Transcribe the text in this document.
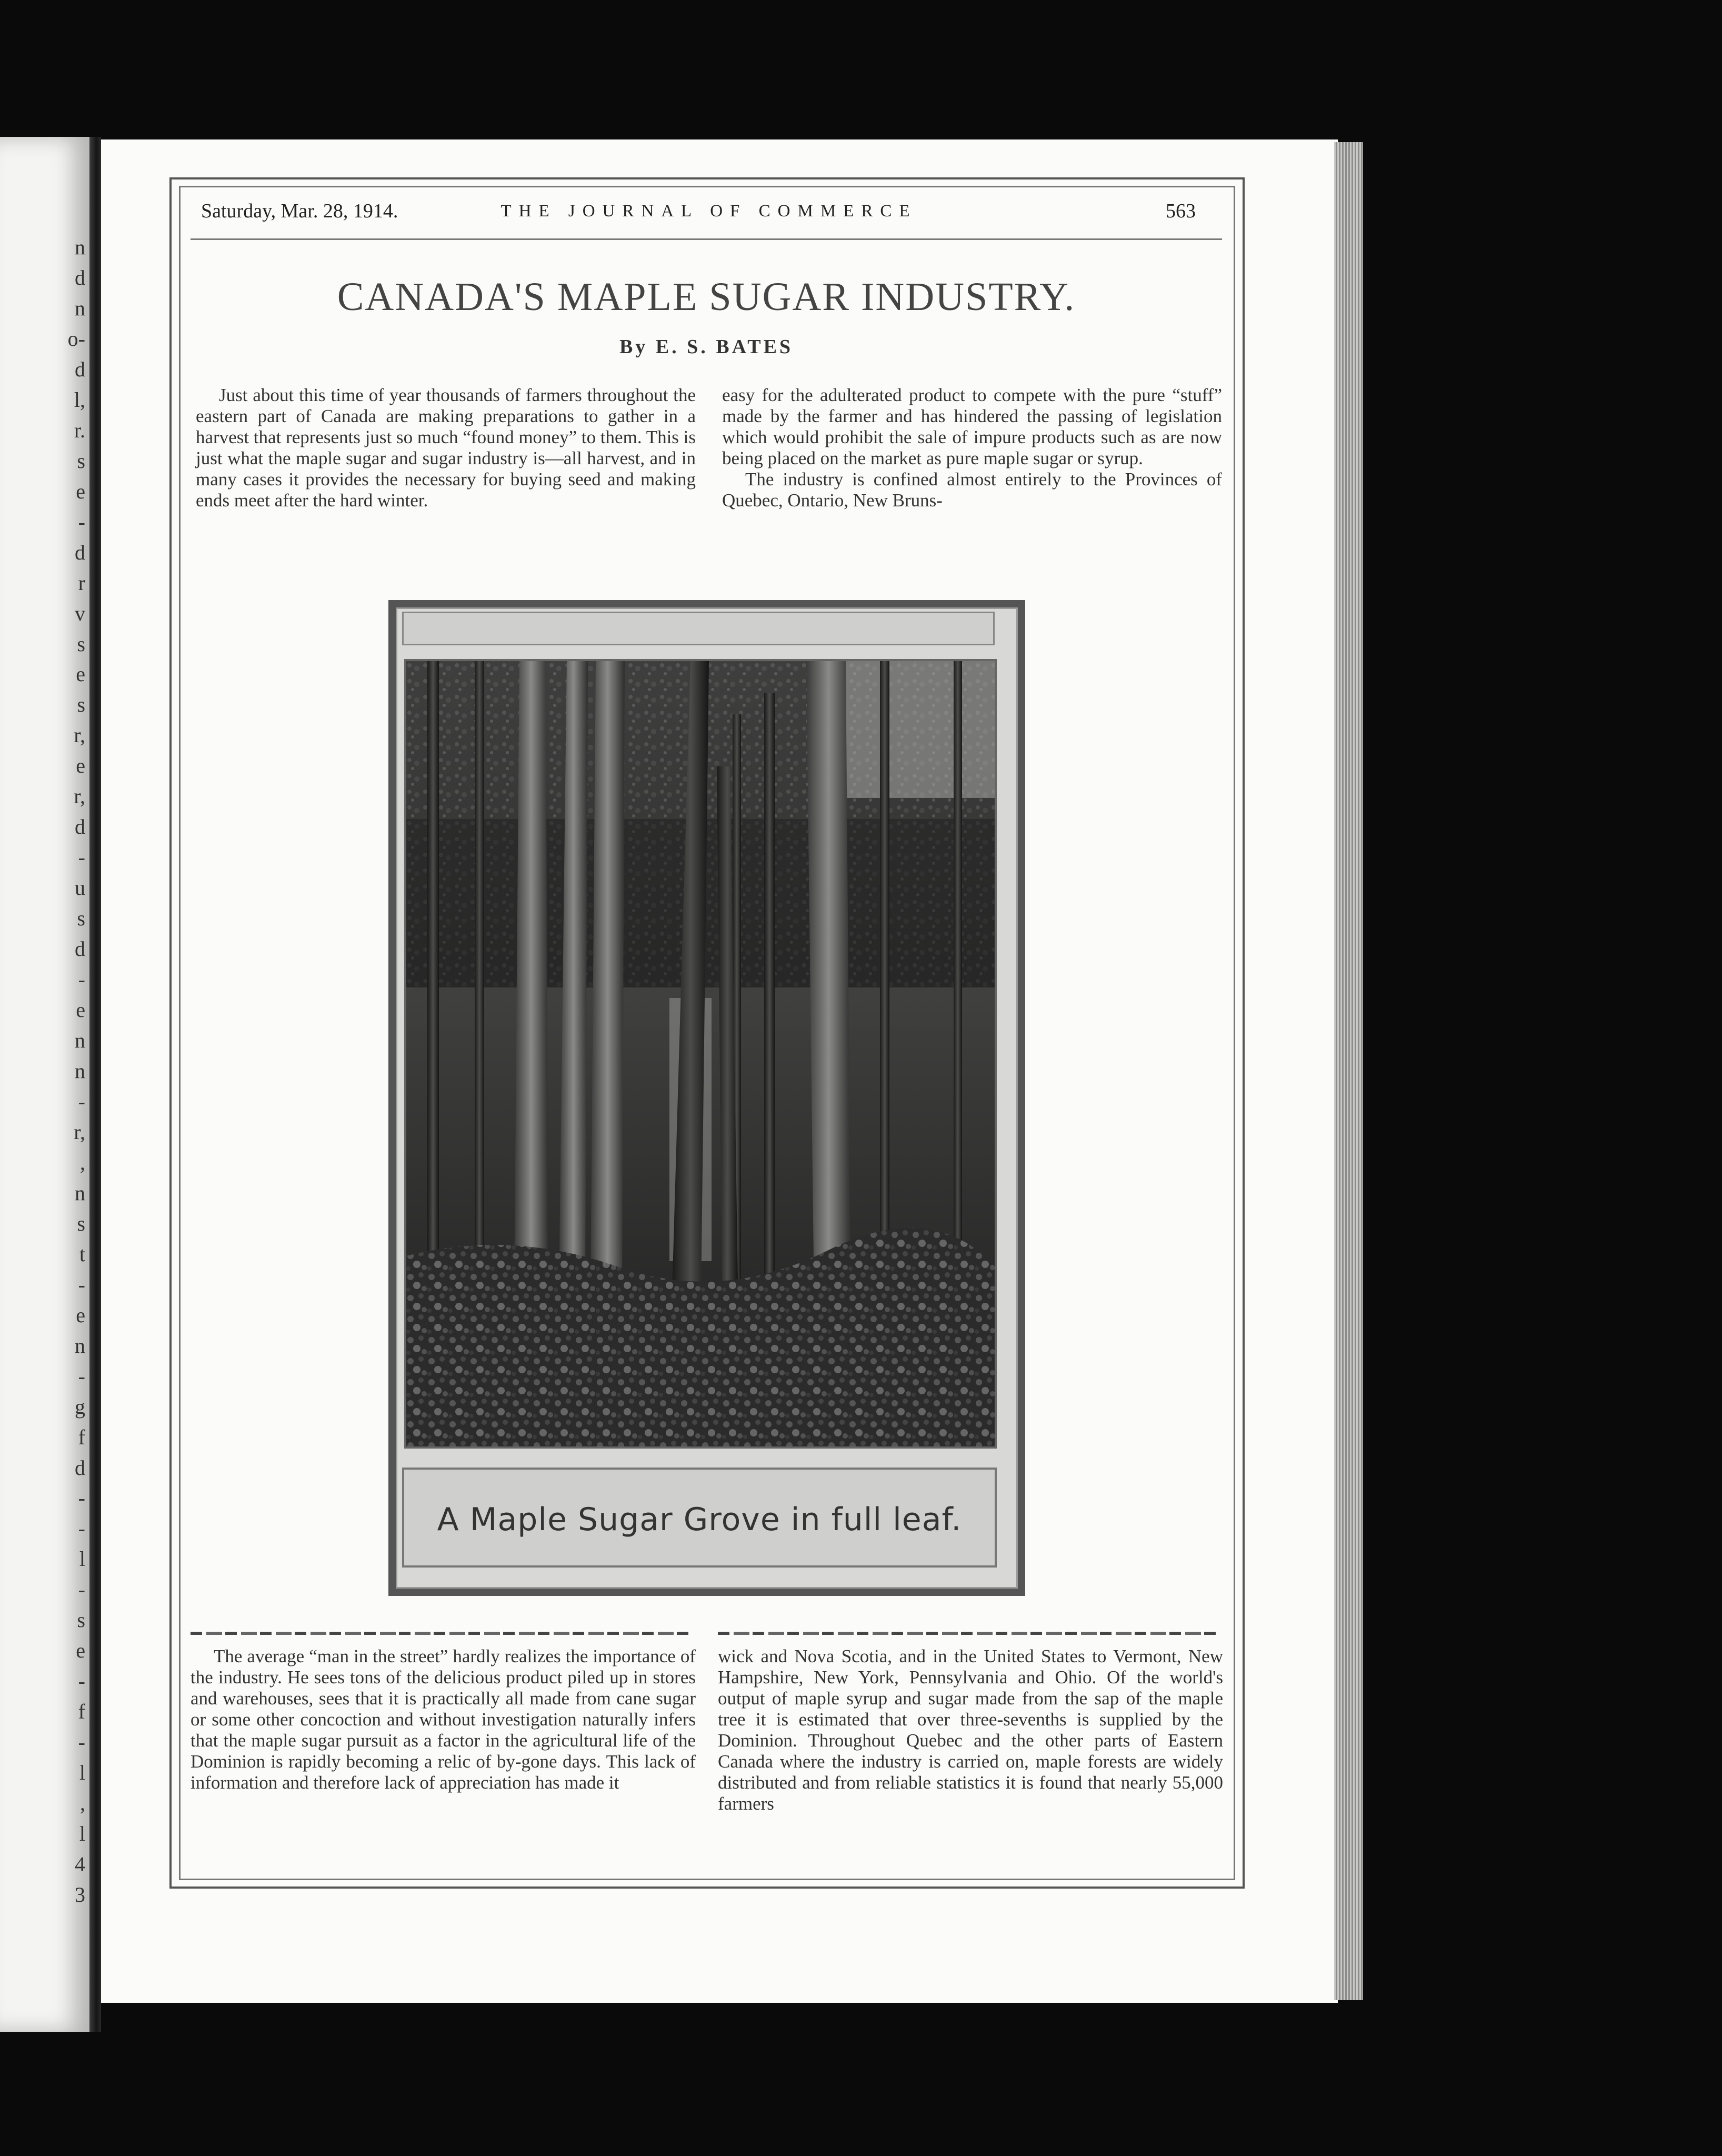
n
d
n
o-
d
l,
r.
s
e
-
d
r
v
s
e
s
r,
e
r,
d
-
u
s
d
-
e
n
n
-
r,
,
n
s
t
-
e
n
-
g
f
d
-
-
l
-
s
e
-
f
-
l
,
l
4
3
Saturday, Mar. 28, 1914.	THE JOURNAL OF COMMERCE	563
CANADA'S MAPLE SUGAR INDUSTRY.
By E. S. BATES

Just about this time of year thousands of farmers throughout the eastern part of Canada are making preparations to gather in a harvest that represents just so much “found money” to them. This is just what the maple sugar and sugar industry is—all harvest, and in many cases it provides the necessary for buying seed and making ends meet after the hard winter.

easy for the adulterated product to compete with the pure “stuff” made by the farmer and has hindered the passing of legislation which would prohibit the sale of impure products such as are now being placed on the market as pure maple sugar or syrup.

The industry is confined almost entirely to the Provinces of Quebec, Ontario, New Bruns-

A Maple Sugar Grove in full leaf.

The average “man in the street” hardly realizes the importance of the industry. He sees tons of the delicious product piled up in stores and warehouses, sees that it is practically all made from cane sugar or some other concoction and without investigation naturally infers that the maple sugar pursuit as a factor in the agricultural life of the Dominion is rapidly becoming a relic of by-gone days. This lack of information and therefore lack of appreciation has made it

wick and Nova Scotia, and in the United States to Vermont, New Hampshire, New York, Pennsylvania and Ohio. Of the world's output of maple syrup and sugar made from the sap of the maple tree it is estimated that over three-sevenths is supplied by the Dominion. Throughout Quebec and the other parts of Eastern Canada where the industry is carried on, maple forests are widely distributed and from reliable statistics it is found that nearly 55,000 farmers
